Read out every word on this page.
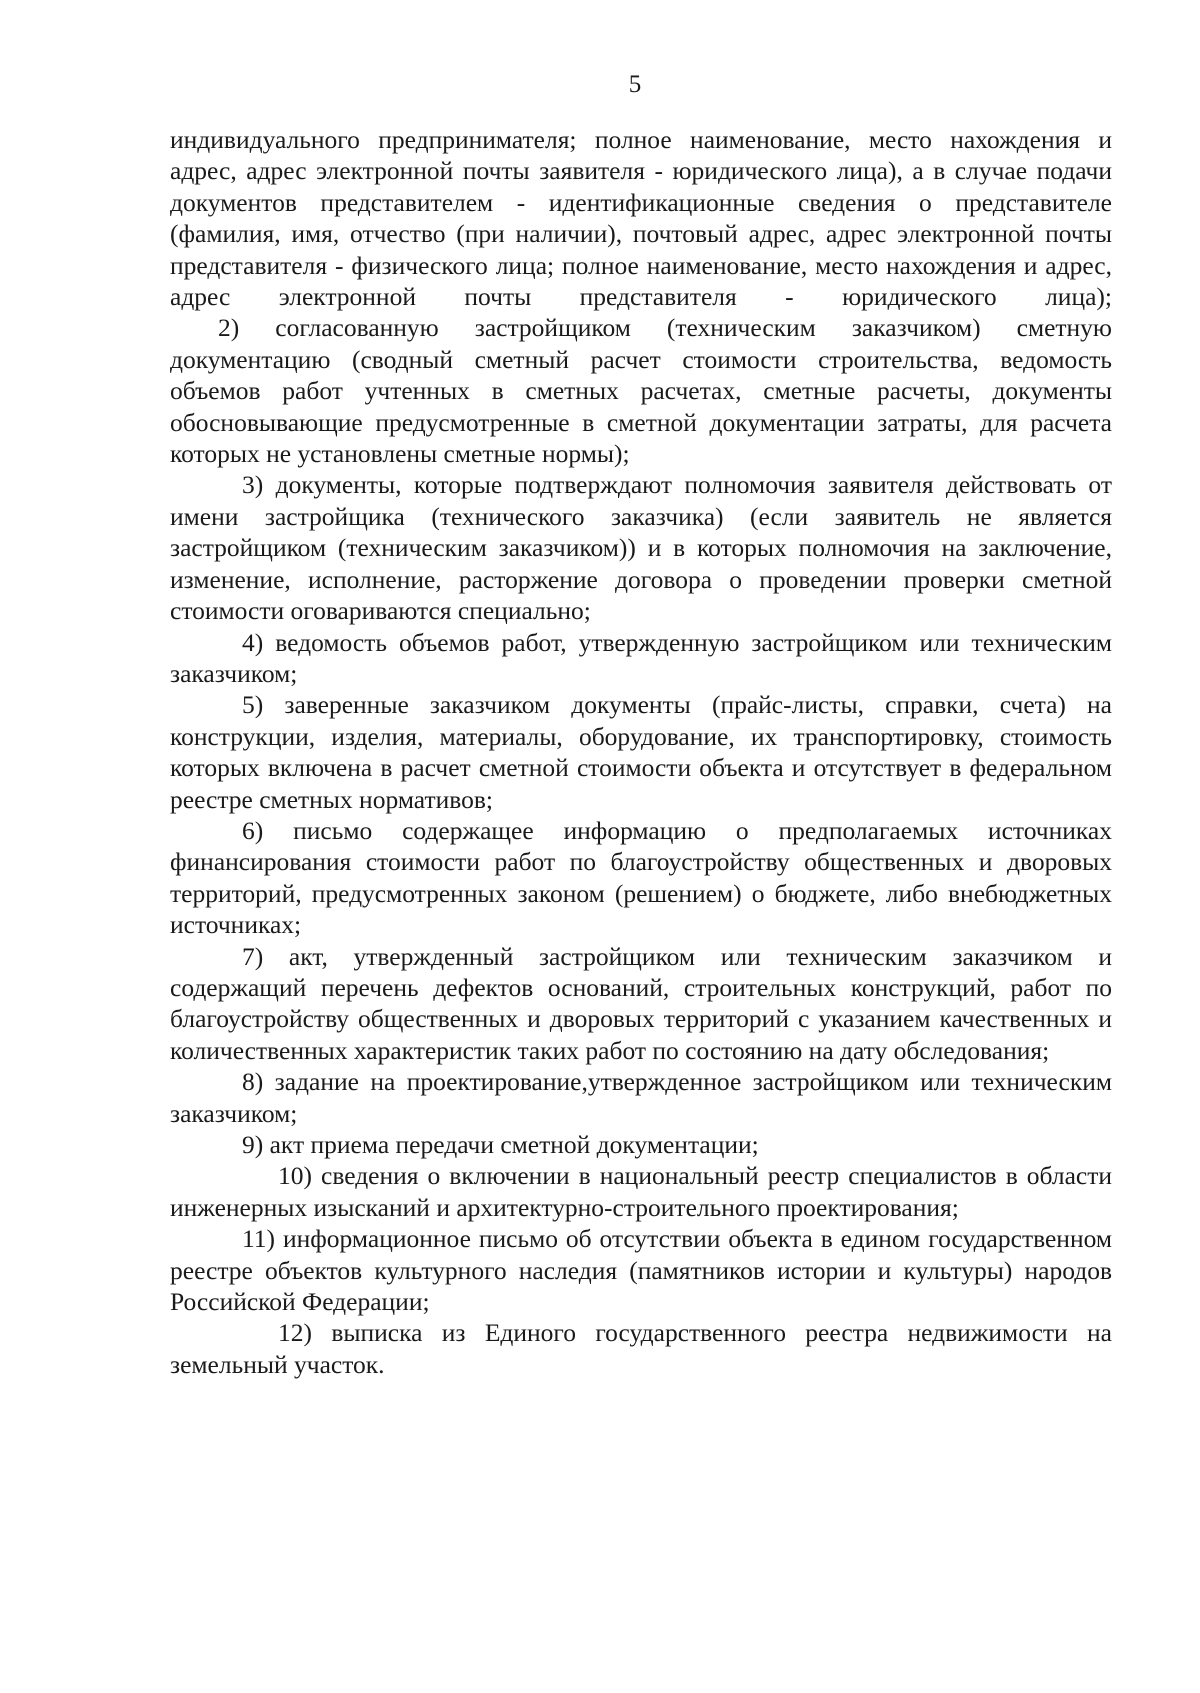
5

индивидуального предпринимателя; полное наименование, место нахождения и адрес, адрес электронной почты заявителя - юридического лица), а в случае подачи документов представителем - идентификационные сведения о представителе (фамилия, имя, отчество (при наличии), почтовый адрес, адрес электронной почты представителя - физического лица; полное наименование, место нахождения и адрес, адрес электронной почты представителя - юридического лица);

2) согласованную застройщиком (техническим заказчиком) сметную документацию (сводный сметный расчет стоимости строительства, ведомость объемов работ учтенных в сметных расчетах, сметные расчеты, документы обосновывающие предусмотренные в сметной документации затраты, для расчета которых не установлены сметные нормы);

3) документы, которые подтверждают полномочия заявителя действовать от имени застройщика (технического заказчика) (если заявитель не является застройщиком (техническим заказчиком)) и в которых полномочия на заключение, изменение, исполнение, расторжение договора о проведении проверки сметной стоимости оговариваются специально;

4) ведомость объемов работ, утвержденную застройщиком или техническим заказчиком;

5) заверенные заказчиком документы (прайс-листы, справки, счета) на конструкции, изделия, материалы, оборудование, их транспортировку, стоимость которых включена в расчет сметной стоимости объекта и отсутствует в федеральном реестре сметных нормативов;

6) письмо содержащее информацию о предполагаемых источниках финансирования стоимости работ по благоустройству общественных и дворовых территорий, предусмотренных законом (решением) о бюджете, либо внебюджетных источниках;

7) акт, утвержденный застройщиком или техническим заказчиком и содержащий перечень дефектов оснований, строительных конструкций, работ по благоустройству общественных и дворовых территорий с указанием качественных и количественных характеристик таких работ по состоянию на дату обследования;

8) задание на проектирование,утвержденное застройщиком или техническим заказчиком;

9) акт приема передачи сметной документации;

10) сведения о включении в национальный реестр специалистов в области инженерных изысканий и архитектурно-строительного проектирования;

11) информационное письмо об отсутствии объекта в едином государственном реестре объектов культурного наследия (памятников истории и культуры) народов Российской Федерации;

12) выписка из Единого государственного реестра недвижимости на земельный участок.
